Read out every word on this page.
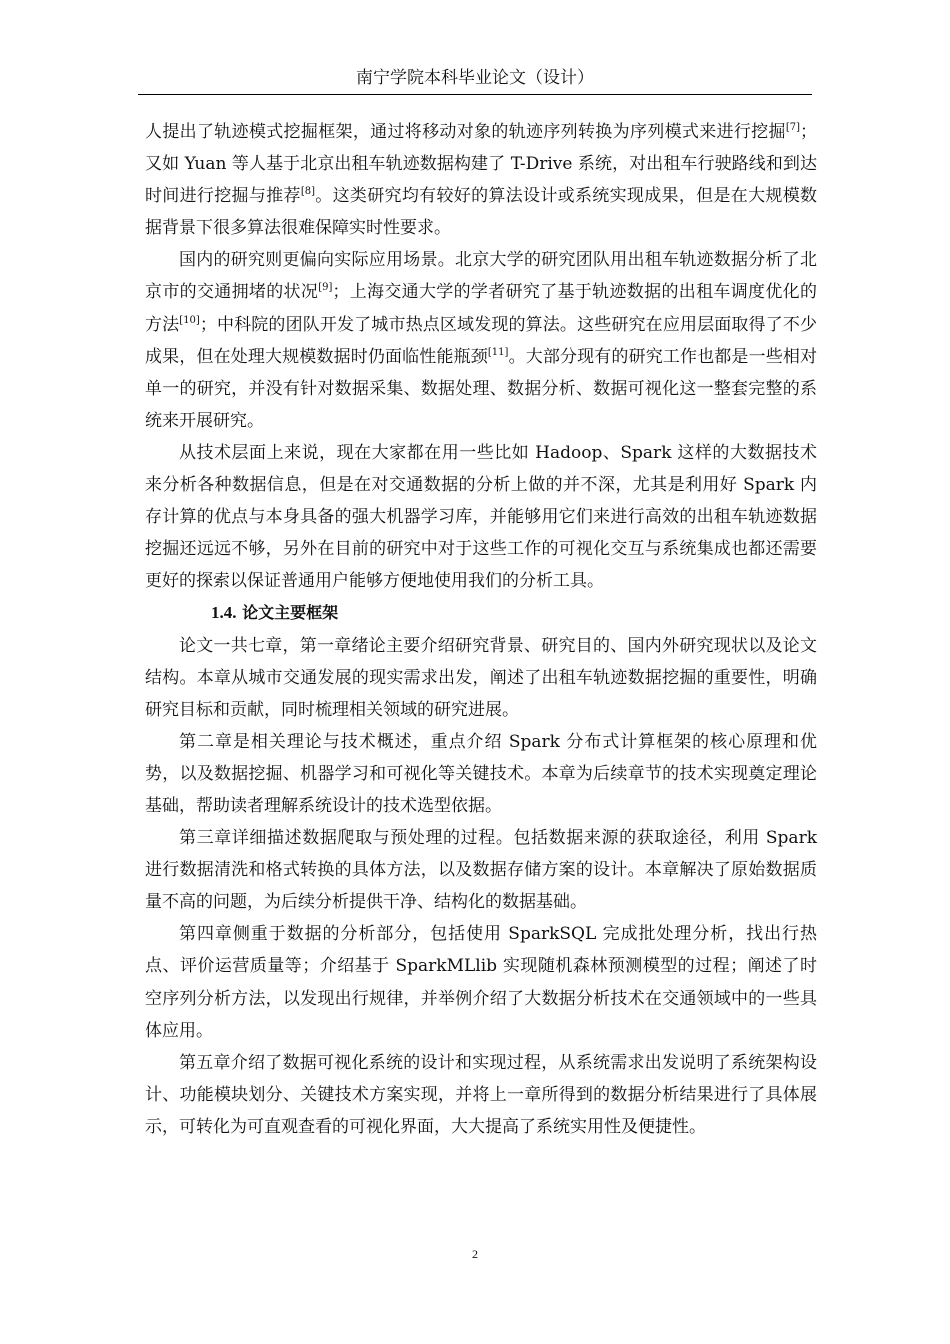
南宁学院本科毕业论文（设计）

人提出了轨迹模式挖掘框架，通过将移动对象的轨迹序列转换为序列模式来进行挖掘[7]；又如 Yuan 等人基于北京出租车轨迹数据构建了 T-Drive 系统，对出租车行驶路线和到达时间进行挖掘与推荐[8]。这类研究均有较好的算法设计或系统实现成果，但是在大规模数据背景下很多算法很难保障实时性要求。

国内的研究则更偏向实际应用场景。北京大学的研究团队用出租车轨迹数据分析了北京市的交通拥堵的状况[9]；上海交通大学的学者研究了基于轨迹数据的出租车调度优化的方法[10]；中科院的团队开发了城市热点区域发现的算法。这些研究在应用层面取得了不少成果，但在处理大规模数据时仍面临性能瓶颈[11]。大部分现有的研究工作也都是一些相对单一的研究，并没有针对数据采集、数据处理、数据分析、数据可视化这一整套完整的系统来开展研究。

从技术层面上来说，现在大家都在用一些比如 Hadoop、Spark 这样的大数据技术来分析各种数据信息，但是在对交通数据的分析上做的并不深，尤其是利用好 Spark 内存计算的优点与本身具备的强大机器学习库，并能够用它们来进行高效的出租车轨迹数据挖掘还远远不够，另外在目前的研究中对于这些工作的可视化交互与系统集成也都还需要更好的探索以保证普通用户能够方便地使用我们的分析工具。

1.4. 论文主要框架

论文一共七章，第一章绪论主要介绍研究背景、研究目的、国内外研究现状以及论文结构。本章从城市交通发展的现实需求出发，阐述了出租车轨迹数据挖掘的重要性，明确研究目标和贡献，同时梳理相关领域的研究进展。

第二章是相关理论与技术概述，重点介绍 Spark 分布式计算框架的核心原理和优势，以及数据挖掘、机器学习和可视化等关键技术。本章为后续章节的技术实现奠定理论基础，帮助读者理解系统设计的技术选型依据。

第三章详细描述数据爬取与预处理的过程。包括数据来源的获取途径，利用 Spark 进行数据清洗和格式转换的具体方法，以及数据存储方案的设计。本章解决了原始数据质量不高的问题，为后续分析提供干净、结构化的数据基础。

第四章侧重于数据的分析部分，包括使用 SparkSQL 完成批处理分析，找出行热点、评价运营质量等；介绍基于 SparkMLlib 实现随机森林预测模型的过程；阐述了时空序列分析方法，以发现出行规律，并举例介绍了大数据分析技术在交通领域中的一些具体应用。

第五章介绍了数据可视化系统的设计和实现过程，从系统需求出发说明了系统架构设计、功能模块划分、关键技术方案实现，并将上一章所得到的数据分析结果进行了具体展示，可转化为可直观查看的可视化界面，大大提高了系统实用性及便捷性。

2
